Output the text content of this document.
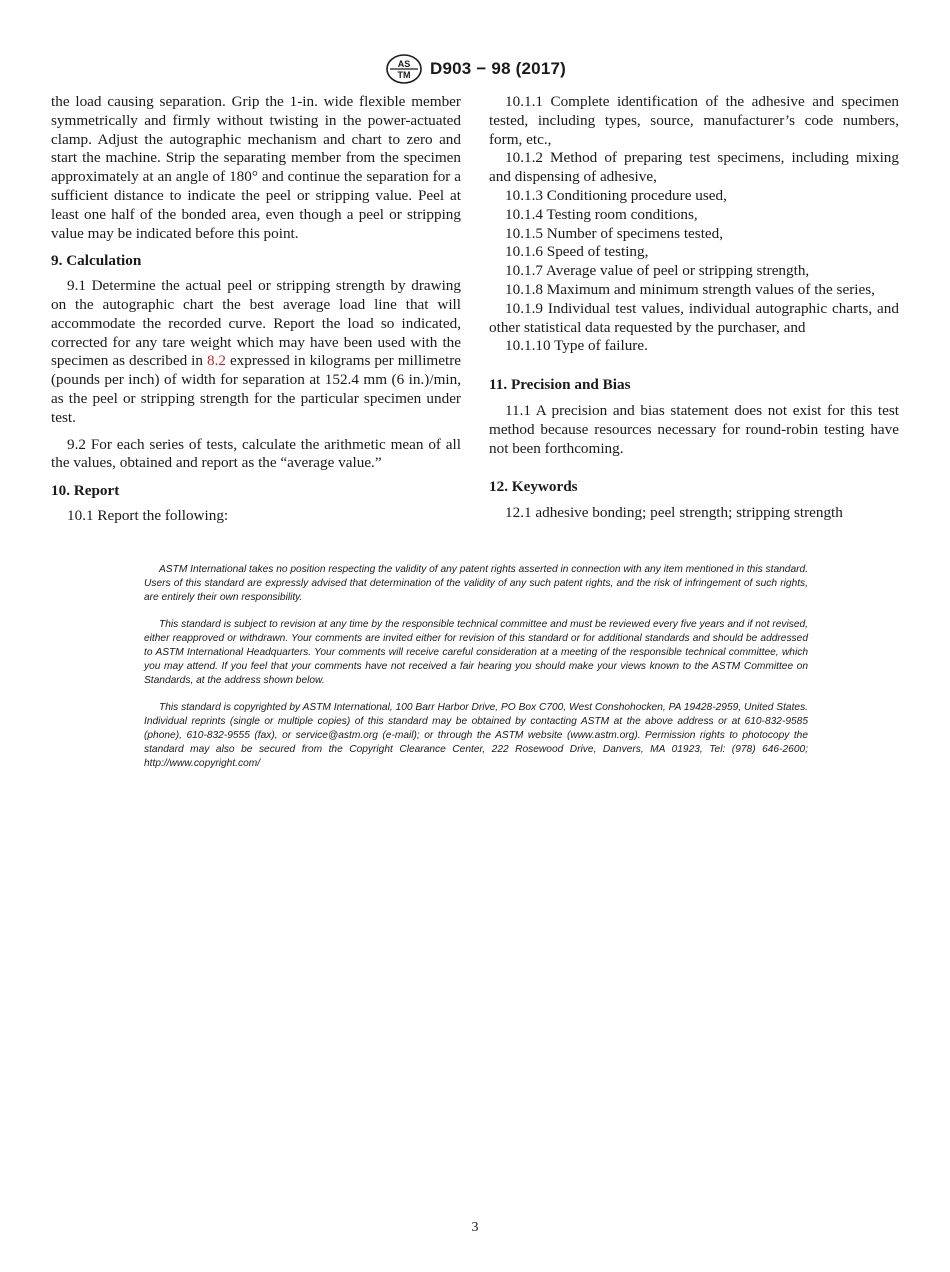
AS
TM D903 − 98 (2017)

the load causing separation. Grip the 1-in. wide flexible member symmetrically and firmly without twisting in the power-actuated clamp. Adjust the autographic mechanism and chart to zero and start the machine. Strip the separating member from the specimen approximately at an angle of 180° and continue the separation for a sufficient distance to indicate the peel or stripping value. Peel at least one half of the bonded area, even though a peel or stripping value may be indicated before this point.

9. Calculation

9.1 Determine the actual peel or stripping strength by drawing on the autographic chart the best average load line that will accommodate the recorded curve. Report the load so indicated, corrected for any tare weight which may have been used with the specimen as described in 8.2 expressed in kilograms per millimetre (pounds per inch) of width for separation at 152.4 mm (6 in.)/min, as the peel or stripping strength for the particular specimen under test.

9.2 For each series of tests, calculate the arithmetic mean of all the values, obtained and report as the “average value.”

10. Report

10.1 Report the following:

10.1.1 Complete identification of the adhesive and specimen tested, including types, source, manufacturer’s code numbers, form, etc.,

10.1.2 Method of preparing test specimens, including mixing and dispensing of adhesive,

10.1.3 Conditioning procedure used,

10.1.4 Testing room conditions,

10.1.5 Number of specimens tested,

10.1.6 Speed of testing,

10.1.7 Average value of peel or stripping strength,

10.1.8 Maximum and minimum strength values of the series,

10.1.9 Individual test values, individual autographic charts, and other statistical data requested by the purchaser, and

10.1.10 Type of failure.

11. Precision and Bias

11.1 A precision and bias statement does not exist for this test method because resources necessary for round-robin testing have not been forthcoming.

12. Keywords

12.1 adhesive bonding; peel strength; stripping strength

ASTM International takes no position respecting the validity of any patent rights asserted in connection with any item mentioned in this standard. Users of this standard are expressly advised that determination of the validity of any such patent rights, and the risk of infringement of such rights, are entirely their own responsibility.

This standard is subject to revision at any time by the responsible technical committee and must be reviewed every five years and if not revised, either reapproved or withdrawn. Your comments are invited either for revision of this standard or for additional standards and should be addressed to ASTM International Headquarters. Your comments will receive careful consideration at a meeting of the responsible technical committee, which you may attend. If you feel that your comments have not received a fair hearing you should make your views known to the ASTM Committee on Standards, at the address shown below.

This standard is copyrighted by ASTM International, 100 Barr Harbor Drive, PO Box C700, West Conshohocken, PA 19428-2959, United States. Individual reprints (single or multiple copies) of this standard may be obtained by contacting ASTM at the above address or at 610-832-9585 (phone), 610-832-9555 (fax), or service@astm.org (e-mail); or through the ASTM website (www.astm.org). Permission rights to photocopy the standard may also be secured from the Copyright Clearance Center, 222 Rosewood Drive, Danvers, MA 01923, Tel: (978) 646-2600; http://www.copyright.com/

3
